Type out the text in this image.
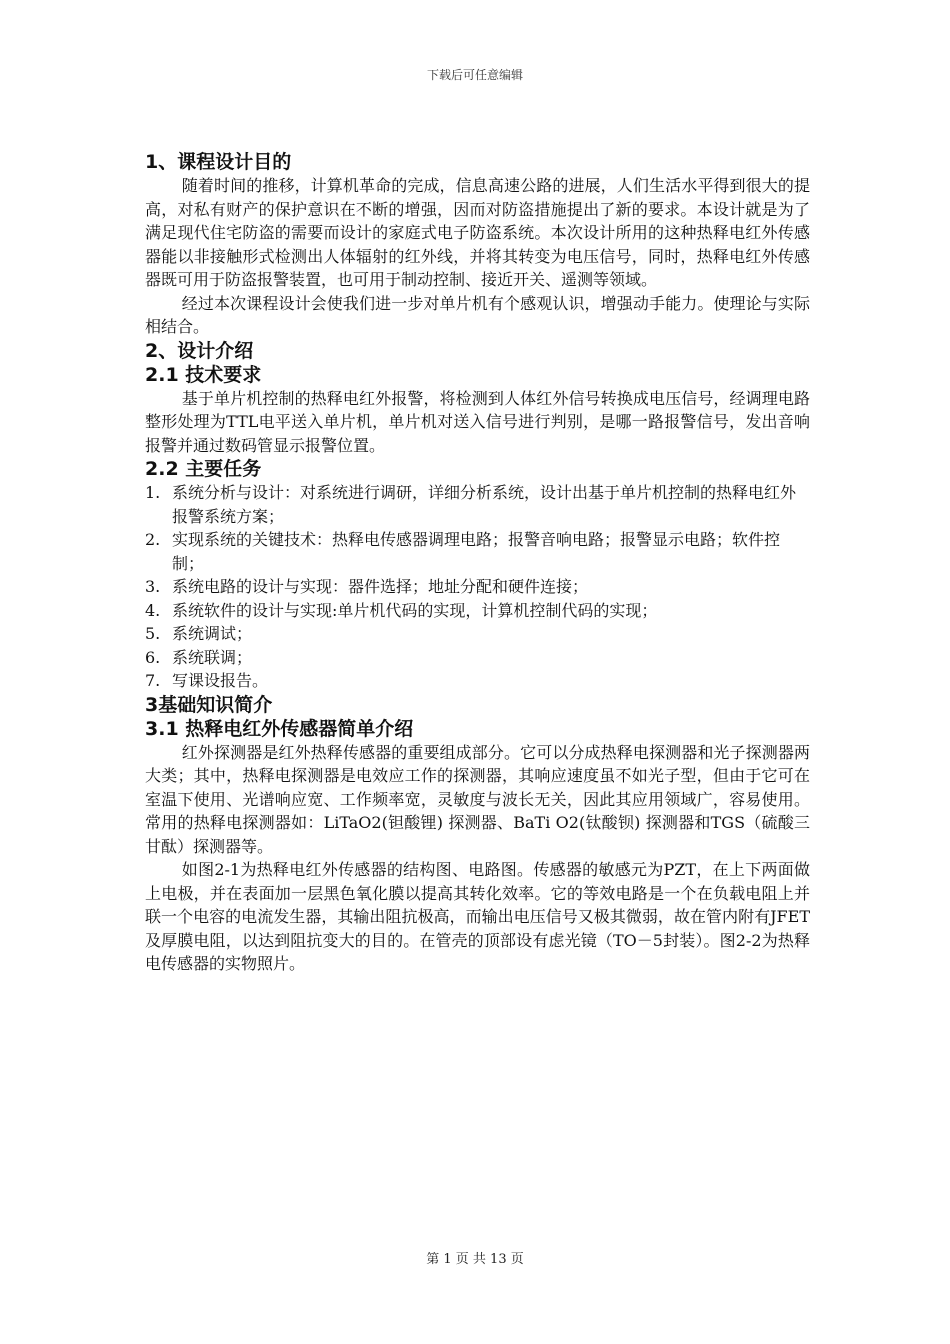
下载后可任意编辑
1、课程设计目的

随着时间的推移，计算机革命的完成，信息高速公路的进展，人们生活水平得到很大的提高，对私有财产的保护意识在不断的增强，因而对防盗措施提出了新的要求。本设计就是为了满足现代住宅防盗的需要而设计的家庭式电子防盗系统。本次设计所用的这种热释电红外传感器能以非接触形式检测出人体辐射的红外线，并将其转变为电压信号，同时，热释电红外传感器既可用于防盗报警装置，也可用于制动控制、接近开关、遥测等领域。

经过本次课程设计会使我们进一步对单片机有个感观认识，增强动手能力。使理论与实际相结合。

2、设计介绍
2.1 技术要求

基于单片机控制的热释电红外报警，将检测到人体红外信号转换成电压信号，经调理电路整形处理为TTL电平送入单片机，单片机对送入信号进行判别，是哪一路报警信号，发出音响报警并通过数码管显示报警位置。

2.2 主要任务

1. 系统分析与设计：对系统进行调研，详细分析系统，设计出基于单片机控制的热释电红外报警系统方案；

2. 实现系统的关键技术：热释电传感器调理电路；报警音响电路；报警显示电路；软件控制；

3. 系统电路的设计与实现：器件选择；地址分配和硬件连接；

4. 系统软件的设计与实现:单片机代码的实现，计算机控制代码的实现；

5. 系统调试；

6. 系统联调；

7. 写课设报告。

3基础知识简介
3.1 热释电红外传感器简单介绍

红外探测器是红外热释传感器的重要组成部分。它可以分成热释电探测器和光子探测器两大类；其中，热释电探测器是电效应工作的探测器，其响应速度虽不如光子型，但由于它可在室温下使用、光谱响应宽、工作频率宽，灵敏度与波长无关，因此其应用领域广，容易使用。常用的热释电探测器如：LiTaO2(钽酸锂) 探测器、BaTi O2(钛酸钡) 探测器和TGS（硫酸三甘酞）探测器等。

如图2-1为热释电红外传感器的结构图、电路图。传感器的敏感元为PZT，在上下两面做上电极，并在表面加一层黑色氧化膜以提高其转化效率。它的等效电路是一个在负载电阻上并联一个电容的电流发生器，其输出阻抗极高，而输出电压信号又极其微弱，故在管内附有JFET及厚膜电阻，以达到阻抗变大的目的。在管壳的顶部设有虑光镜（TO－5封装）。图2-2为热释电传感器的实物照片。

第 1 页 共 13 页
